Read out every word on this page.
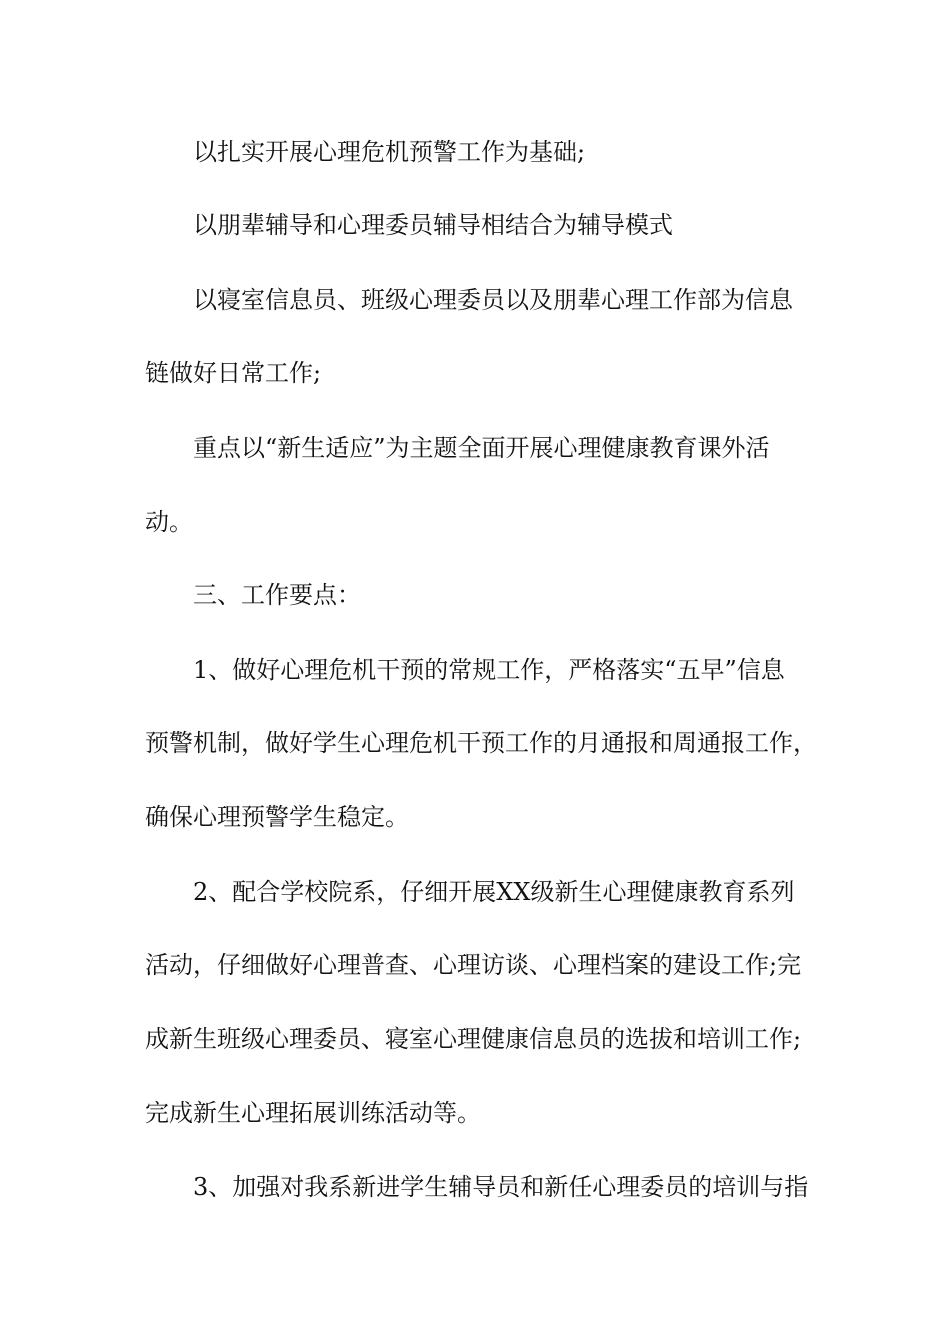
以扎实开展心理危机预警工作为基础;
以朋辈辅导和心理委员辅导相结合为辅导模式
以寝室信息员、班级心理委员以及朋辈心理工作部为信息
链做好日常工作;
重点以“新生适应”为主题全面开展心理健康教育课外活
动。
三、工作要点：
1、做好心理危机干预的常规工作，严格落实“五早”信息
预警机制，做好学生心理危机干预工作的月通报和周通报工作，
确保心理预警学生稳定。
2、配合学校院系，仔细开展XX级新生心理健康教育系列
活动，仔细做好心理普查、心理访谈、心理档案的建设工作;完
成新生班级心理委员、寝室心理健康信息员的选拔和培训工作;
完成新生心理拓展训练活动等。
3、加强对我系新进学生辅导员和新任心理委员的培训与指
